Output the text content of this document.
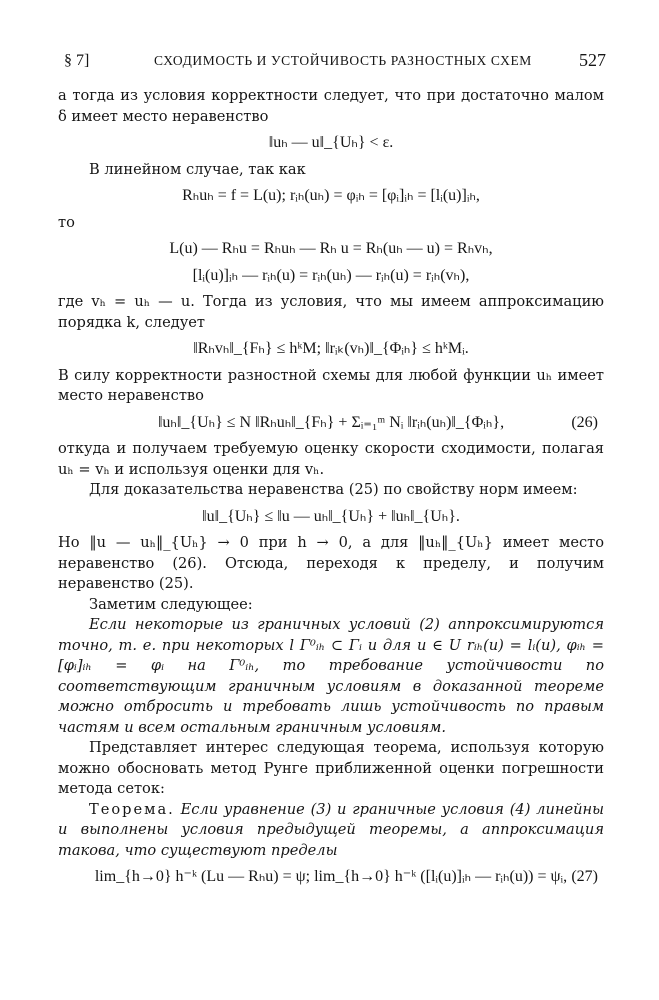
§ 7]	СХОДИМОСТЬ И УСТОЙЧИВОСТЬ РАЗНОСТНЫХ СХЕМ	527

а тогда из условия корректности следует, что при достаточно малом δ имеет место неравенство

‖uₕ — u‖_{Uₕ} < ε.

В линейном случае, так как

Rₕuₕ = f = L(u); rᵢₕ(uₕ) = φᵢₕ = [φᵢ]ᵢₕ = [lᵢ(u)]ᵢₕ,

то

L(u) — Rₕu = Rₕuₕ — Rₕ u = Rₕ(uₕ — u) = Rₕvₕ,
[lᵢ(u)]ᵢₕ — rᵢₕ(u) = rᵢₕ(uₕ) — rᵢₕ(u) = rᵢₕ(vₕ),

где vₕ = uₕ — u. Тогда из условия, что мы имеем аппроксимацию порядка k, следует

‖Rₕvₕ‖_{Fₕ} ≤ hᵏM; ‖rᵢₖ(vₕ)‖_{Φᵢₕ} ≤ hᵏMᵢ.

В силу корректности разностной схемы для любой функции uₕ имеет место неравенство

‖uₕ‖_{Uₕ} ≤ N ‖Rₕuₕ‖_{Fₕ} + Σᵢ₌₁ᵐ Nᵢ ‖rᵢₕ(uₕ)‖_{Φᵢₕ},	(26)

откуда и получаем требуемую оценку скорости сходимости, полагая uₕ = vₕ и используя оценки для vₕ.

Для доказательства неравенства (25) по свойству норм имеем:

‖u‖_{Uₕ} ≤ ‖u — uₕ‖_{Uₕ} + ‖uₕ‖_{Uₕ}.

Но ‖u — uₕ‖_{Uₕ} → 0 при h → 0, а для ‖uₕ‖_{Uₕ} имеет место неравенство (26). Отсюда, переходя к пределу, и получим неравенство (25).

Заметим следующее:

Если некоторые из граничных условий (2) аппроксимируются точно, т. е. при некоторых l Γ⁰ᵢₕ ⊂ Γᵢ и для u ∈ U rᵢₕ(u) = lᵢ(u), φᵢₕ = [φᵢ]ᵢₕ = φᵢ на Γ⁰ᵢₕ, то требование устойчивости по соответствующим граничным условиям в доказанной теореме можно отбросить и требовать лишь устойчивость по правым частям и всем остальным граничным условиям.

Представляет интерес следующая теорема, используя которую можно обосновать метод Рунге приближенной оценки погрешности метода сеток:

Теорема. Если уравнение (3) и граничные условия (4) линейны и выполнены условия предыдущей теоремы, а аппроксимация такова, что существуют пределы

lim_{h→0} h⁻ᵏ (Lu — Rₕu) = ψ; lim_{h→0} h⁻ᵏ ([lᵢ(u)]ᵢₕ — rᵢₕ(u)) = ψᵢ, (27)
